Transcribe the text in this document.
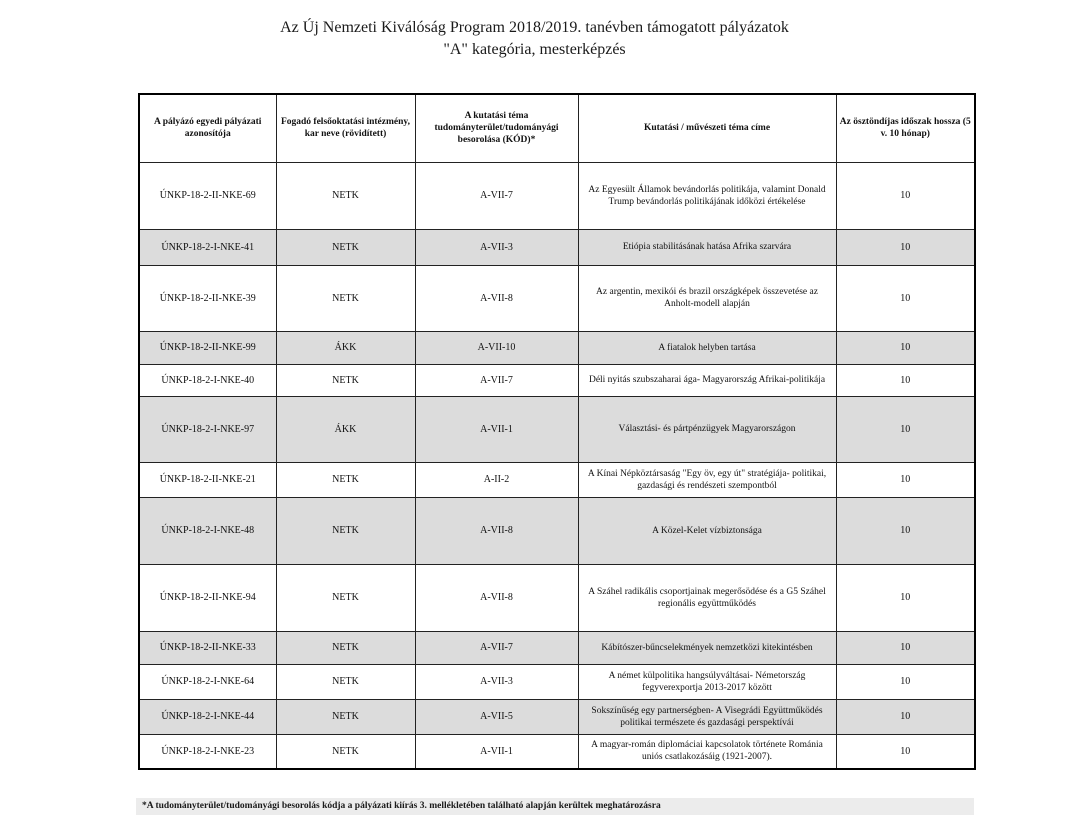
Az Új Nemzeti Kiválóság Program 2018/2019. tanévben támogatott pályázatok
"A" kategória, mesterképzés
A pályázó egyedi pályázati azonosítója	Fogadó felsőoktatási intézmény, kar neve (rövidített)	A kutatási téma tudományterület/tudományági besorolása (KÓD)*	Kutatási / művészeti téma címe	Az ösztöndíjas időszak hossza (5 v. 10 hónap)
ÚNKP-18-2-II-NKE-69	NETK	A-VII-7	Az Egyesült Államok bevándorlás politikája, valamint Donald Trump bevándorlás politikájának időközi értékelése	10
ÚNKP-18-2-I-NKE-41	NETK	A-VII-3	Etiópia stabilitásának hatása Afrika szarvára	10
ÚNKP-18-2-II-NKE-39	NETK	A-VII-8	Az argentin, mexikói és brazil országképek összevetése az Anholt-modell alapján	10
ÚNKP-18-2-II-NKE-99	ÁKK	A-VII-10	A fiatalok helyben tartása	10
ÚNKP-18-2-I-NKE-40	NETK	A-VII-7	Déli nyitás szubszaharai ága- Magyarország Afrikai-politikája	10
ÚNKP-18-2-I-NKE-97	ÁKK	A-VII-1	Választási- és pártpénzügyek Magyarországon	10
ÚNKP-18-2-II-NKE-21	NETK	A-II-2	A Kínai Népköztársaság "Egy öv, egy út" stratégiája- politikai, gazdasági és rendészeti szempontból	10
ÚNKP-18-2-I-NKE-48	NETK	A-VII-8	A Közel-Kelet vízbiztonsága	10
ÚNKP-18-2-II-NKE-94	NETK	A-VII-8	A Száhel radikális csoportjainak megerősödése és a G5 Száhel regionális együttműködés	10
ÚNKP-18-2-II-NKE-33	NETK	A-VII-7	Kábítószer-bűncselekmények nemzetközi kitekintésben	10
ÚNKP-18-2-I-NKE-64	NETK	A-VII-3	A német külpolitika hangsúlyváltásai- Németország fegyverexportja 2013-2017 között	10
ÚNKP-18-2-I-NKE-44	NETK	A-VII-5	Sokszínűség egy partnerségben- A Visegrádi Együttműködés politikai természete és gazdasági perspektívái	10
ÚNKP-18-2-I-NKE-23	NETK	A-VII-1	A magyar-román diplomáciai kapcsolatok története Románia uniós csatlakozásáig (1921-2007).	10
*A tudományterület/tudományági besorolás kódja a pályázati kiírás 3. mellékletében található alapján kerültek meghatározásra
